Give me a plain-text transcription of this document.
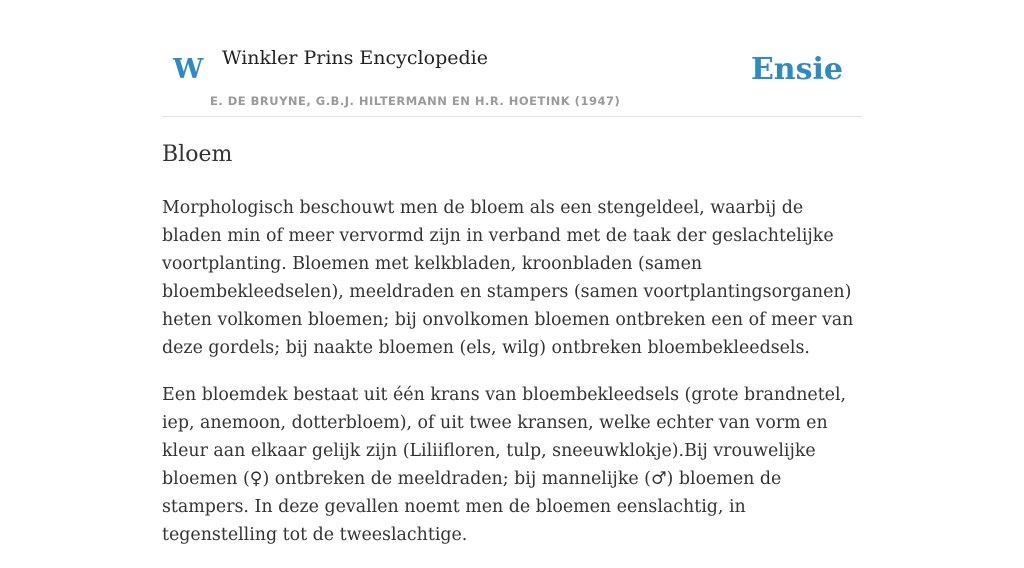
W Winkler Prins Encyclopedie
E. DE BRUYNE, G.B.J. HILTERMANN EN H.R. HOETINK (1947)
Ensie
Bloem

Morphologisch beschouwt men de bloem als een stengeldeel, waarbij de bladen min of meer vervormd zijn in verband met de taak der geslachtelijke voortplanting. Bloemen met kelkbladen, kroonbladen (samen bloembekleedselen), meeldraden en stampers (samen voortplantingsorganen) heten volkomen bloemen; bij onvolkomen bloemen ontbreken een of meer van deze gordels; bij naakte bloemen (els, wilg) ontbreken bloembekleedsels.

Een bloemdek bestaat uit één krans van bloembekleedsels (grote brandnetel, iep, anemoon, dotterbloem), of uit twee kransen, welke echter van vorm en kleur aan elkaar gelijk zijn (Liliifloren, tulp, sneeuwklokje).Bij vrouwelijke bloemen (♀) ontbreken de meeldraden; bij mannelijke (♂) bloemen de stampers. In deze gevallen noemt men de bloemen eenslachtig, in tegenstelling tot de tweeslachtige.
